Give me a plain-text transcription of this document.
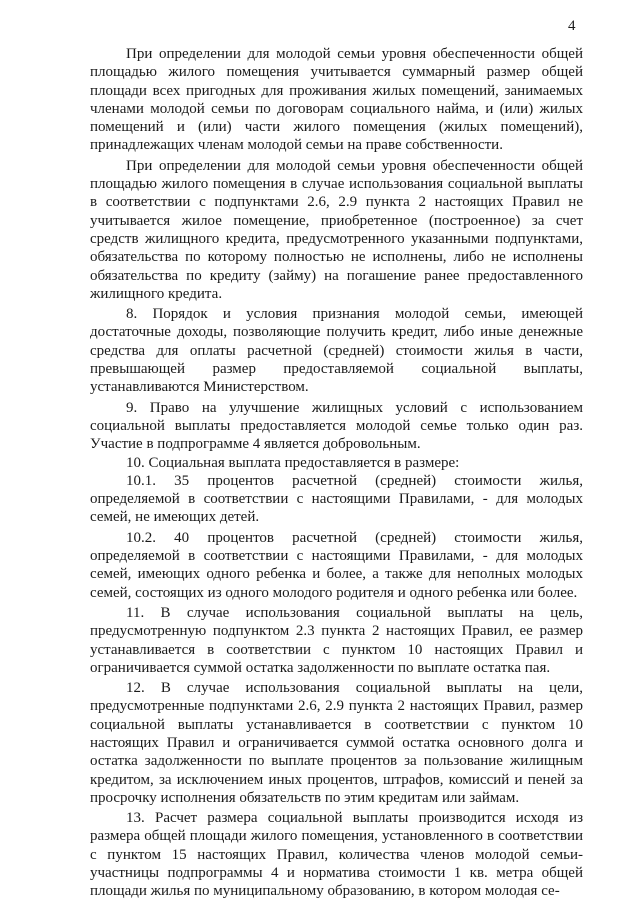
4

При определении для молодой семьи уровня обеспеченности общей площадью жилого помещения учитывается суммарный размер общей площади всех пригодных для проживания жилых помещений, занимаемых членами молодой семьи по договорам социального найма, и (или) жилых помещений и (или) части жилого помещения (жилых помещений), принадлежащих членам молодой семьи на праве собственности.

При определении для молодой семьи уровня обеспеченности общей площадью жилого помещения в случае использования социальной выплаты в соответствии с подпунктами 2.6, 2.9 пункта 2 настоящих Правил не учитывается жилое помещение, приобретенное (построенное) за счет средств жилищного кредита, предусмотренного указанными подпунктами, обязательства по которому полностью не исполнены, либо не исполнены обязательства по кредиту (займу) на погашение ранее предоставленного жилищного кредита.

8. Порядок и условия признания молодой семьи, имеющей достаточные доходы, позволяющие получить кредит, либо иные денежные средства для оплаты расчетной (средней) стоимости жилья в части, превышающей размер предоставляемой социальной выплаты, устанавливаются Министерством.

9. Право на улучшение жилищных условий с использованием социальной выплаты предоставляется молодой семье только один раз. Участие в подпрограмме 4 является добровольным.

10. Социальная выплата предоставляется в размере:

10.1. 35 процентов расчетной (средней) стоимости жилья, определяемой в соответствии с настоящими Правилами, - для молодых семей, не имеющих детей.

10.2. 40 процентов расчетной (средней) стоимости жилья, определяемой в соответствии с настоящими Правилами, - для молодых семей, имеющих одного ребенка и более, а также для неполных молодых семей, состоящих из одного молодого родителя и одного ребенка или более.

11. В случае использования социальной выплаты на цель, предусмотренную подпунктом 2.3 пункта 2 настоящих Правил, ее размер устанавливается в соответствии с пунктом 10 настоящих Правил и ограничивается суммой остатка задолженности по выплате остатка пая.

12. В случае использования социальной выплаты на цели, предусмотренные подпунктами 2.6, 2.9 пункта 2 настоящих Правил, размер социальной выплаты устанавливается в соответствии с пунктом 10 настоящих Правил и ограничивается суммой остатка основного долга и остатка задолженности по выплате процентов за пользование жилищным кредитом, за исключением иных процентов, штрафов, комиссий и пеней за просрочку исполнения обязательств по этим кредитам или займам.

13. Расчет размера социальной выплаты производится исходя из размера общей площади жилого помещения, установленного в соответствии с пунктом 15 настоящих Правил, количества членов молодой семьи-участницы подпрограммы 4 и норматива стоимости 1 кв. метра общей площади жилья по муниципальному образованию, в котором молодая се-
